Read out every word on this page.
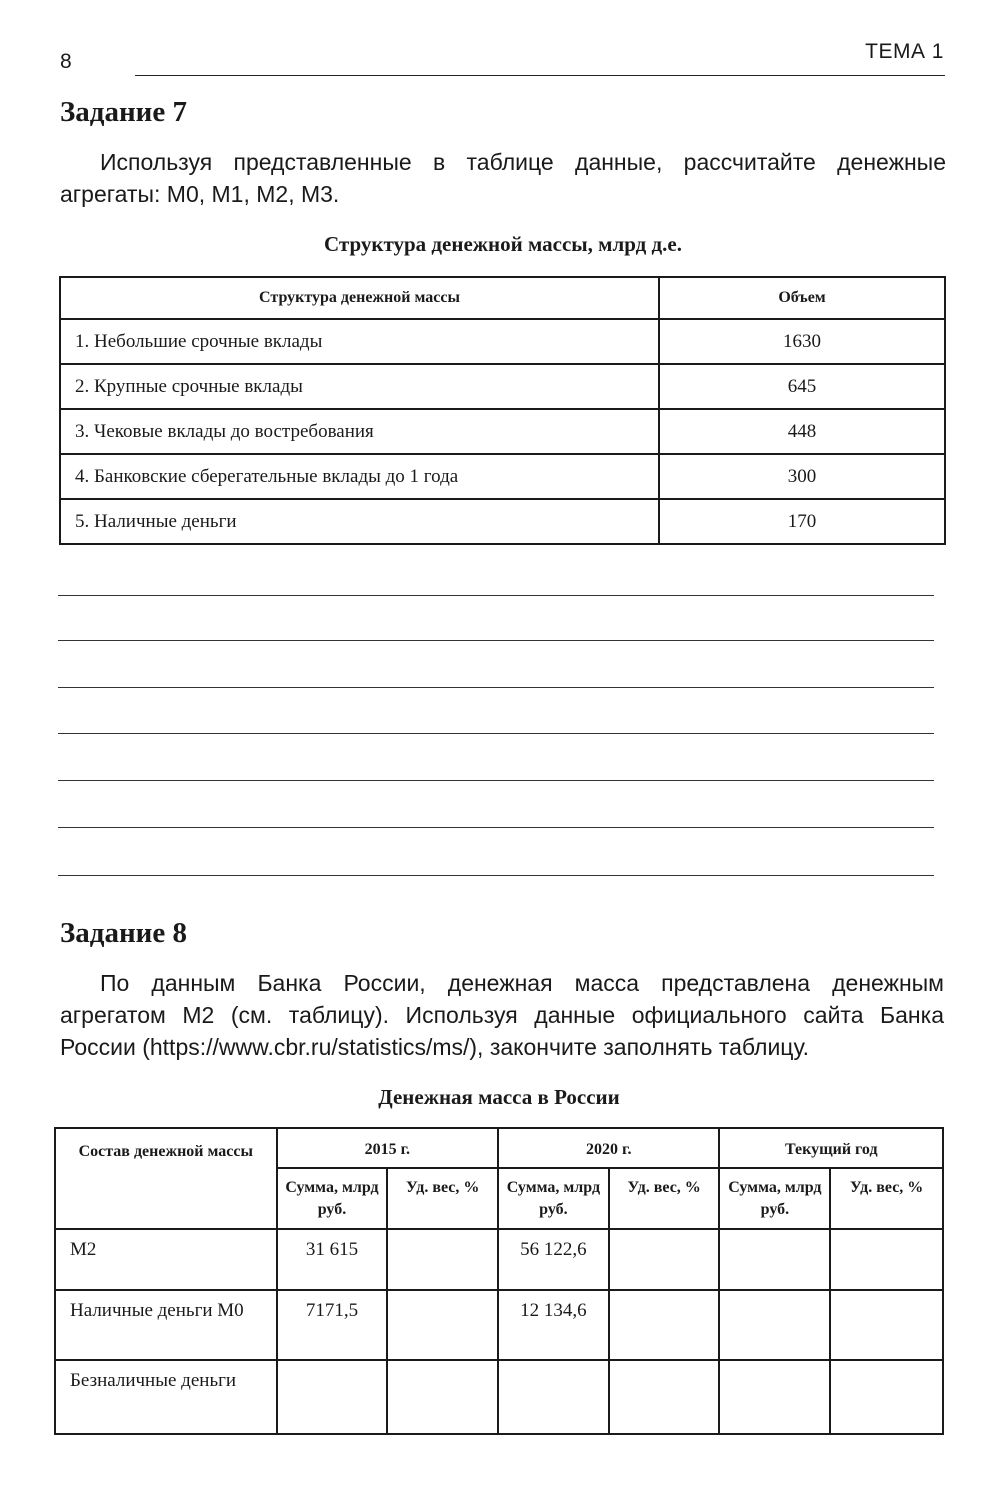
8	ТЕМА 1
Задание 7
Используя представленные в таблице данные, рассчитайте денежные агрегаты: М0, М1, М2, М3.
Структура денежной массы, млрд д.е.
Структура денежной массы	Объем
1. Небольшие срочные вклады	1630
2. Крупные срочные вклады	645
3. Чековые вклады до востребования	448
4. Банковские сберегательные вклады до 1 года	300
5. Наличные деньги	170
Задание 8
По данным Банка России, денежная масса представлена денежным агрегатом М2 (см. таблицу). Используя данные официального сайта Банка России (https://www.cbr.ru/statistics/ms/), закончите заполнять таблицу.
Денежная масса в России
Состав денежной массы	2015 г.		2020 г.		Текущий год	
	Сумма, млрд руб.	Уд. вес, %	Сумма, млрд руб.	Уд. вес, %	Сумма, млрд руб.	Уд. вес, %
М2	31 615		56 122,6			
Наличные деньги М0	7171,5		12 134,6			
Безналичные деньги						
